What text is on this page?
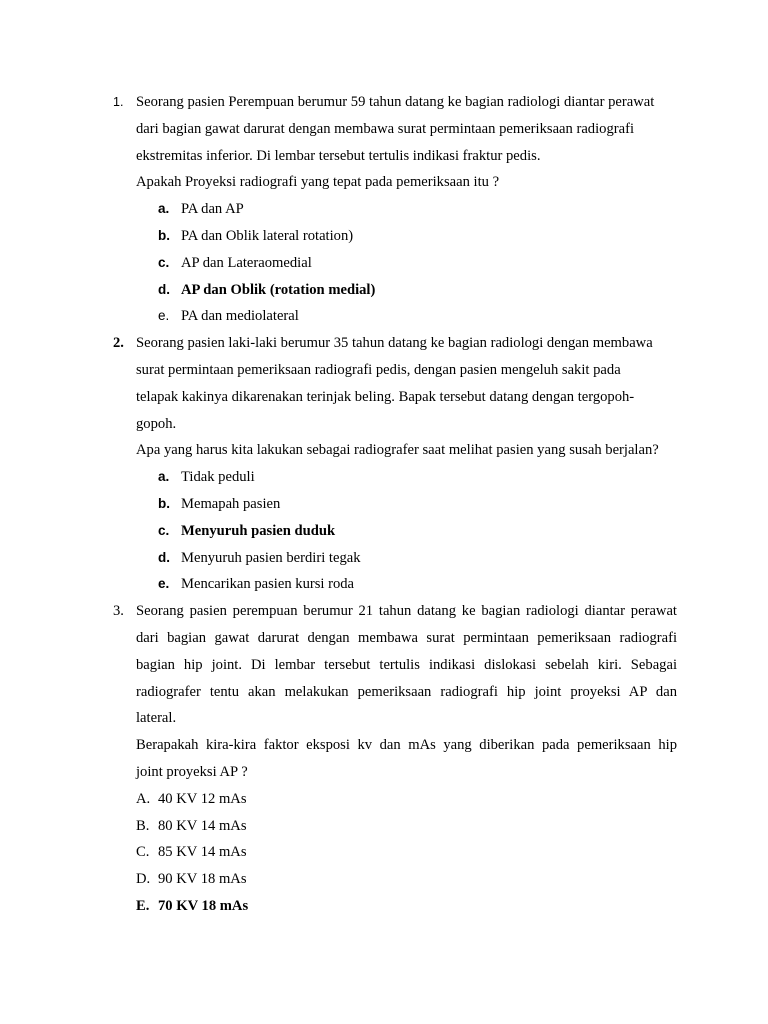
1. Seorang pasien Perempuan berumur 59 tahun datang ke bagian radiologi diantar perawat
dari bagian gawat darurat dengan membawa surat permintaan pemeriksaan radiografi
ekstremitas inferior. Di lembar tersebut tertulis indikasi fraktur pedis.
Apakah Proyeksi radiografi yang tepat pada pemeriksaan itu ?
a. PA dan AP
b. PA dan Oblik lateral rotation)
c. AP dan Lateraomedial
d. AP dan Oblik (rotation medial)
e. PA dan mediolateral
2. Seorang pasien laki-laki berumur 35 tahun datang ke bagian radiologi dengan membawa
surat permintaan pemeriksaan radiografi pedis, dengan pasien mengeluh sakit pada
telapak kakinya dikarenakan terinjak beling. Bapak tersebut datang dengan tergopoh-
gopoh.
Apa yang harus kita lakukan sebagai radiografer saat melihat pasien yang susah berjalan?
a. Tidak peduli
b. Memapah pasien
c. Menyuruh pasien duduk
d. Menyuruh pasien berdiri tegak
e. Mencarikan pasien kursi roda
3. Seorang pasien perempuan berumur 21 tahun datang ke bagian radiologi diantar perawat
dari bagian gawat darurat dengan membawa surat permintaan pemeriksaan radiografi
bagian hip joint. Di lembar tersebut tertulis indikasi dislokasi sebelah kiri. Sebagai
radiografer tentu akan melakukan pemeriksaan radiografi hip joint proyeksi AP dan
lateral.
Berapakah kira-kira faktor eksposi kv dan mAs yang diberikan pada pemeriksaan hip
joint proyeksi AP ?
A. 40 KV 12 mAs
B. 80 KV 14 mAs
C. 85 KV 14 mAs
D. 90 KV 18 mAs
E. 70 KV 18 mAs
